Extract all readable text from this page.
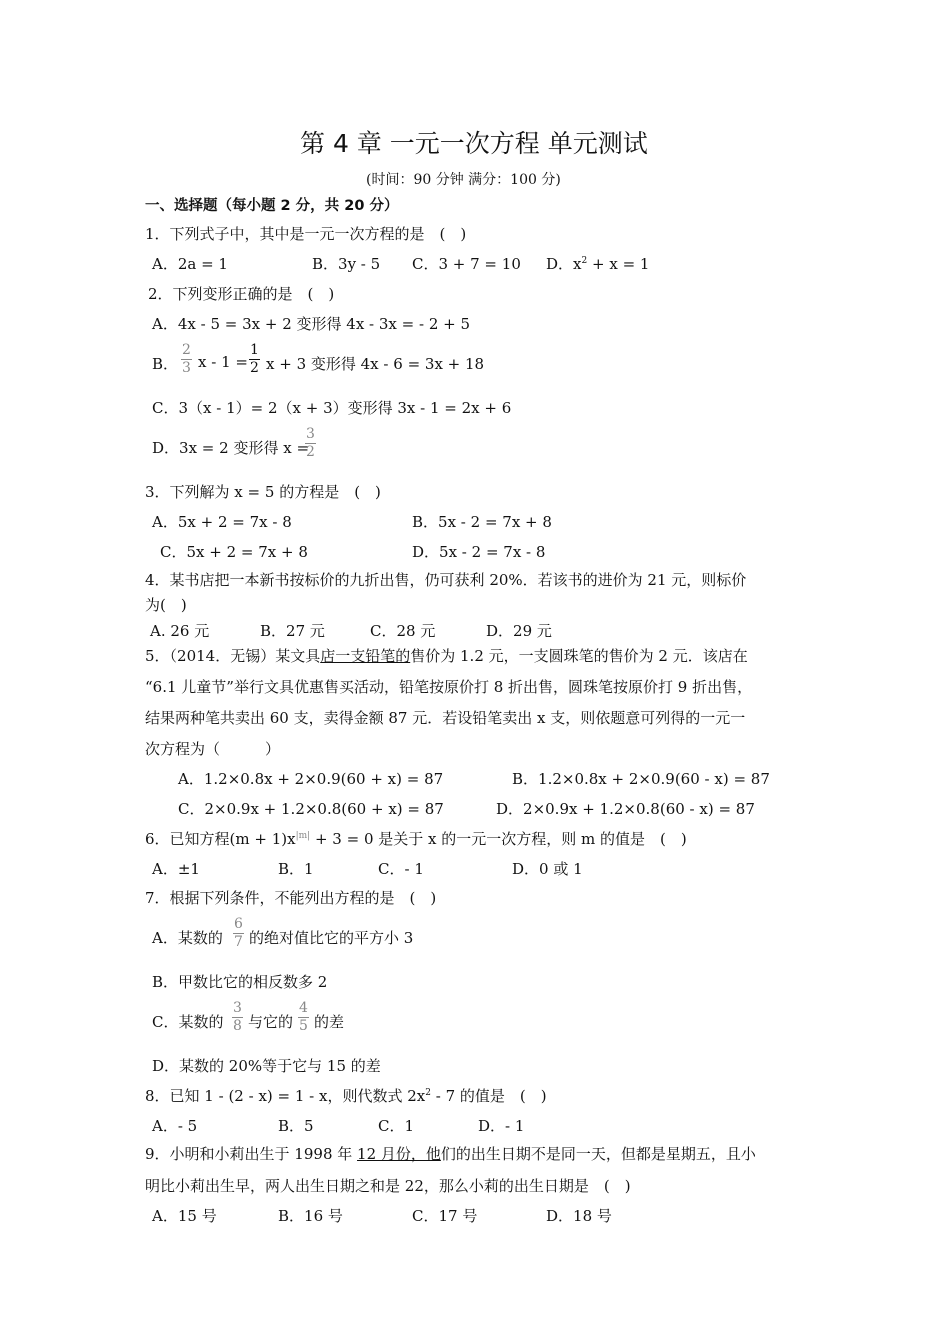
第 4 章 一元一次方程 单元测试
(时间：90 分钟 满分：100 分)
一、选择题（每小题 2 分，共 20 分）
1．下列式子中，其中是一元一次方程的是　(　)
A．2a = 1	B．3y - 5 C．3 + 7 = 10 D．$x^2 + x = 1$
2．下列变形正确的是　(　)
A．4x - 5 = 3x + 2 变形得 4x - 3x = - 2 + 5
B．
2
3 x - 1 =
1
2 x + 3 变形得 4x - 6 = 3x + 18
C．3（x - 1）= 2（x + 3）变形得 3x - 1 = 2x + 6
D．3x = 2 变形得 x =
3
2
3．下列解为 x = 5 的方程是　(　)
A．5x + 2 = 7x - 8	B．5x - 2 = 7x + 8
C．5x + 2 = 7x + 8	D．5x - 2 = 7x - 8
4．某书店把一本新书按标价的九折出售，仍可获利 20%．若该书的进价为 21 元，则标价
为(　)
A. 26 元	B．27 元	C．28 元	D．29 元
5．（2014．无锡）某文具店一支铅笔的售价为 1.2 元，一支圆珠笔的售价为 2 元．该店在
“6.1 儿童节”举行文具优惠售买活动，铅笔按原价打 8 折出售，圆珠笔按原价打 9 折出售，
结果两种笔共卖出 60 支，卖得金额 87 元．若设铅笔卖出 x 支，则依题意可列得的一元一
次方程为（　　　）
A．1.2×0.8x + 2×0.9(60 + x) = 87	B．1.2×0.8x + 2×0.9(60 - x) = 87
C．2×0.9x + 1.2×0.8(60 + x) = 87	D．2×0.9x + 1.2×0.8(60 - x) = 87
6．已知方程$(m + 1)x^{|m|} + 3 = 0$ 是关于 x 的一元一次方程，则 m 的值是　(　)
A．±1	B．1	C．- 1	D．0 或 1
7．根据下列条件，不能列出方程的是　(　)
A．某数的
6
7 的绝对值比它的平方小 3
B．甲数比它的相反数多 2
C．某数的
3
8 与它的
4
5 的差
D．某数的 20%等于它与 15 的差
8．已知 1 - (2 - x) = 1 - x，则代数式 $2x^2 - 7$ 的值是　(　)
A．- 5	B．5	C．1	D．- 1
9．小明和小莉出生于 1998 年 12 月份，他们的出生日期不是同一天，但都是星期五，且小
明比小莉出生早，两人出生日期之和是 22，那么小莉的出生日期是　(　)
A．15 号	B．16 号	C．17 号	D．18 号
